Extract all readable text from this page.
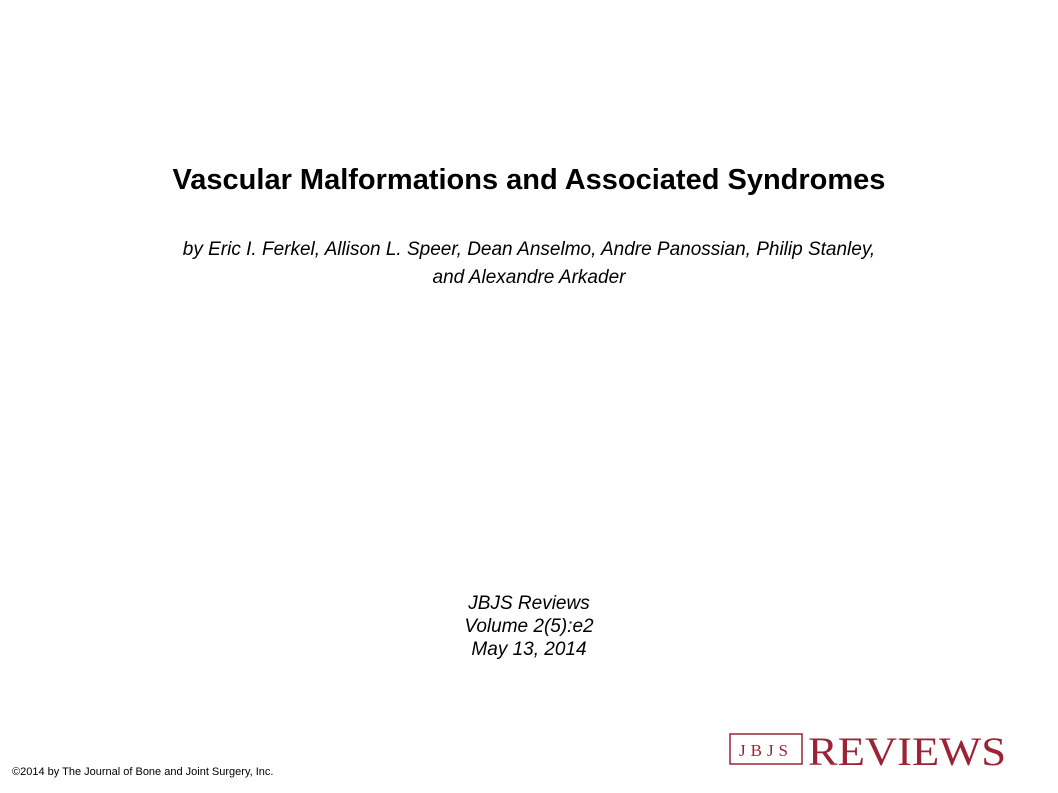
Vascular Malformations and Associated Syndromes

by Eric I. Ferkel, Allison L. Speer, Dean Anselmo, Andre Panossian, Philip Stanley,
and Alexandre Arkader

JBJS Reviews
Volume 2(5):e2
May 13, 2014

©2014 by The Journal of Bone and Joint Surgery, Inc.

JBJS REVIEWS
